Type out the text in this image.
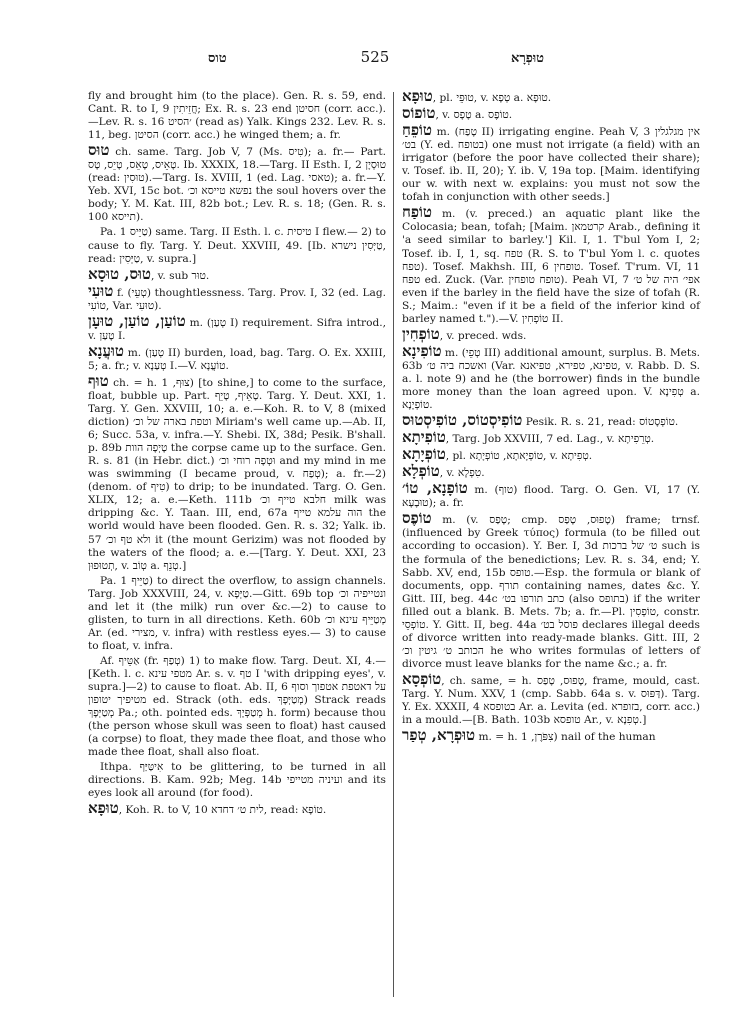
טוס	525	טוּפְרָא
fly and brought him (to the place). Gen. R. s. 59, end. Cant. R. to I, 9 חֲזֵיתִין; Ex. R. s. 23 end חסיטן (corr. acc.).—Lev. R. s. 16 ׳הסיט (read as) Yalk. Kings 232. Lev. R. s. 11, beg. הסיטן (corr. acc.) he winged them; a. fr.
טוּס ch. same. Targ. Job V, 7 (Ms. טִיס); a. fr.— Part. טָאֵיס, טָאֵס, טָיֵס, טָס. Ib. XXXIX, 18.—Targ. II Esth. I, 2 טוּסְיָן (read: טוּסִין).—Targ. Is. XVIII, 1 (ed. Lag. טאסי); a. fr.—Y. Yeb. XVI, 15c bot. נפשא טייסא וכ׳ the soul hovers over the body; Y. M. Kat. III, 82b bot.; Lev. R. s. 18; (Gen. R. s. 100 תייסא).
Pa. טַיֵּיס 1) same. Targ. II Esth. l. c. טיסית I flew.— 2) to cause to fly. Targ. Y. Deut. XXVIII, 49. [Ib. טַיְּסִין נישרא, read: טַיְּסִין, v. supra.]
טוּס, טוּסָא, v. sub טוּר.
טוּעִי f. (טְעֵי) thoughtlessness. Targ. Prov. I, 32 (ed. Lag. טוֹעִי, Var. טוּעִי).
טוֹעַן, טוֹעַן, טוּעָן m. (טְעַן I) requirement. Sifra introd., v. טָעַן I.
טוּעֲנָא m. (טְעַן II) burden, load, bag. Targ. O. Ex. XXIII, 5; a. fr.; v. טְעַנָא I.—V. טוֹעֲנָא.
טוּף ch. = h. צוּף, 1) [to shine,] to come to the surface, float, bubble up. Part. טָאֵיף, טָיֵף. Targ. Y. Deut. XXI, 1. Targ. Y. Gen. XXVIII, 10; a. e.—Koh. R. to V, 8 (mixed diction) וטפת בארה של וכ׳ Miriam's well came up.—Ab. II, 6; Succ. 53a, v. infra.—Y. Shebi. IX, 38d; Pesik. B'shall. p. 89b טָיְפָה הוות the corpse came up to the surface. Gen. R. s. 81 (in Hebr. dict.) וּטְפָה רוחי וכ׳ and my mind in me was swimming (I became proud, v. טְפַח); a. fr.—2) (denom. of טִיף) to drip; to be inundated. Targ. O. Gen. XLIX, 12; a. e.—Keth. 111b חלבא טייף וכ׳ milk was dripping &c. Y. Taan. III, end, 67a הוה עלמא טייף the world would have been flooded. Gen. R. s. 32; Yalk. ib. 57 ולא טף וכ׳ it (the mount Gerizim) was not flooded by the waters of the flood; a. e.—[Targ. Y. Deut. XXI, 23 תְטוּפוּן, v. טְוֹב a. טְנֵף.]
Pa. טַיֵּיף 1) to direct the overflow, to assign channels. Targ. Job XXXVIII, 24, v. טַיְּפָא.—Gitt. 69b top ונטייפיה וכ׳ and let it (the milk) run over &c.—2) to cause to glisten, to turn in all directions. Keth. 60b מְטַיֵּיף עינא וכ׳ Ar. (ed. מצירי, v. infra) with restless eyes.— 3) to cause to float, v. infra.
Af. אַטֵּיף (fr. טְפַף) 1) to make flow. Targ. Deut. XI, 4.—[Keth. l. c. מטפי עינא Ar. s. v. טף I 'with dripping eyes', v. supra.]—2) to cause to float. Ab. II, 6 על דאטפת אטפוך וסוף מטיפיך יטופון ed. Strack (oth. eds. מְטַיְּפָךְ) Strack reads מְטַיְּפָךְ Pa.; oth. pointed eds. מְטַפְּיָךְ h. form) because thou (the person whose skull was seen to float) hast caused (a corpse) to float, they made thee float, and those who made thee float, shall also float.
Ithpa. אִיטַּיַּף to be glittering, to be turned in all directions. B. Kam. 92b; Meg. 14b ועיניה מטייפי and its eyes look all around (for food).
טוּפָא, Koh. R. to V, 10 לית ט׳ דחדא, read: טוֹפָא.
טוּפָא, pl. טוּפֵי, v. טְפָא a. טוּפָא.
טוֹפוֹס, v. טָפָס a. טוֹפֶס.
טוֹפֵחַ m. (טָפַח II) irrigating engine. Peah V, 3 אין מגלגלין בט׳ (Y. ed. בטופח) one must not irrigate (a field) with an irrigator (before the poor have collected their share); v. Tosef. ib. II, 20); Y. ib. V, 19a top. [Maim. identifying our w. with next w. explains: you must not sow the tofah in conjunction with other seeds.]
טוֹפַח m. (v. preced.) an aquatic plant like the Colocasia; bean, tofah; [Maim. קרטמאן Arab., defining it 'a seed similar to barley.'] Kil. I, 1. T'bul Yom I, 2; Tosef. ib. I, 1, sq. טפח (R. S. to T'bul Yom l. c. quotes טפח). Tosef. Makhsh. III, 6 טופחין. Tosef. T'rum. VI, 11 טפח ed. Zuck. (Var. טופח טופחין). Peah VI, 7 אפי׳ היה של ט׳ even if the barley in the field have the size of tofah (R. S.; Maim.: "even if it be a field of the inferior kind of barley named t.").—V. טוֹפְחִין II.
טוֹפְחִין, v. preced. wds.
טוֹפִינָא m. (טְפֵי III) additional amount, surplus. B. Mets. 63b ואשכח ביה ט׳ (Var. טפינא, טפירא, טפיאנא, v. Rabb. D. S. a. l. note 9) and he (the borrower) finds in the bundle more money than the loan agreed upon. V. טְפִינָא a. טוֹפְיָנָא.
טוֹפִיסְטוֹס, טוֹפִיסְטוּס Pesik. R. s. 21, read: טוֹפְסָטוֹס.
טוֹפִיתָא, Targ. Job XXVIII, 7 ed. Lag., v. טְרֵפִיתָא.
טוֹפְיָתָא, pl. טוֹפְיָאתָא, טוֹפְיָתָא, v. טְפִיתָא.
טוֹפְלָא, v. טִפְלָא.
טוֹפָנָא, טוֹ׳ m. (טוף) flood. Targ. O. Gen. VI, 17 (Y. טוּבָעָא); a. fr.
טוֹפֶס m. (v. טָפַס; cmp. טָפוּס, טָפַס) frame; trnsf. (influenced by Greek τύπος) formula (to be filled out according to occasion). Y. Ber. I, 3d ט׳ של ברכות such is the formula of the benedictions; Lev. R. s. 34, end; Y. Sabb. XV, end, 15b טופס.—Esp. the formula or blank of documents, opp. תורף containing names, dates &c. Y. Gitt. III, beg. 44c כתב תורפו בט׳ (also בתופס) if the writer filled out a blank. B. Mets. 7b; a. fr.—Pl. טוֹפְסִין, constr. טוֹפְסֵי. Y. Gitt. II, beg. 44a פוסל בט׳ declares illegal deeds of divorce written into ready-made blanks. Gitt. III, 2 הכותב ט׳ גיטין וכ׳ he who writes formulas of letters of divorce must leave blanks for the name &c.; a. fr.
טוֹפְסָא, ch. same, = h. טָפוּס, טָפַס, frame, mould, cast. Targ. Y. Num. XXV, 1 (cmp. Sabb. 64a s. v. דַּפּוּס). Targ. Y. Ex. XXXII, 4 בטופסא Ar. a. Levita (ed. בזופרא, corr. acc.) in a mould.—[B. Bath. 103b טופסא Ar., v. טְפִנָא.]
טוּפְרָא, טְפַר m. = h. צִפֹּרֶן, 1) nail of the human
